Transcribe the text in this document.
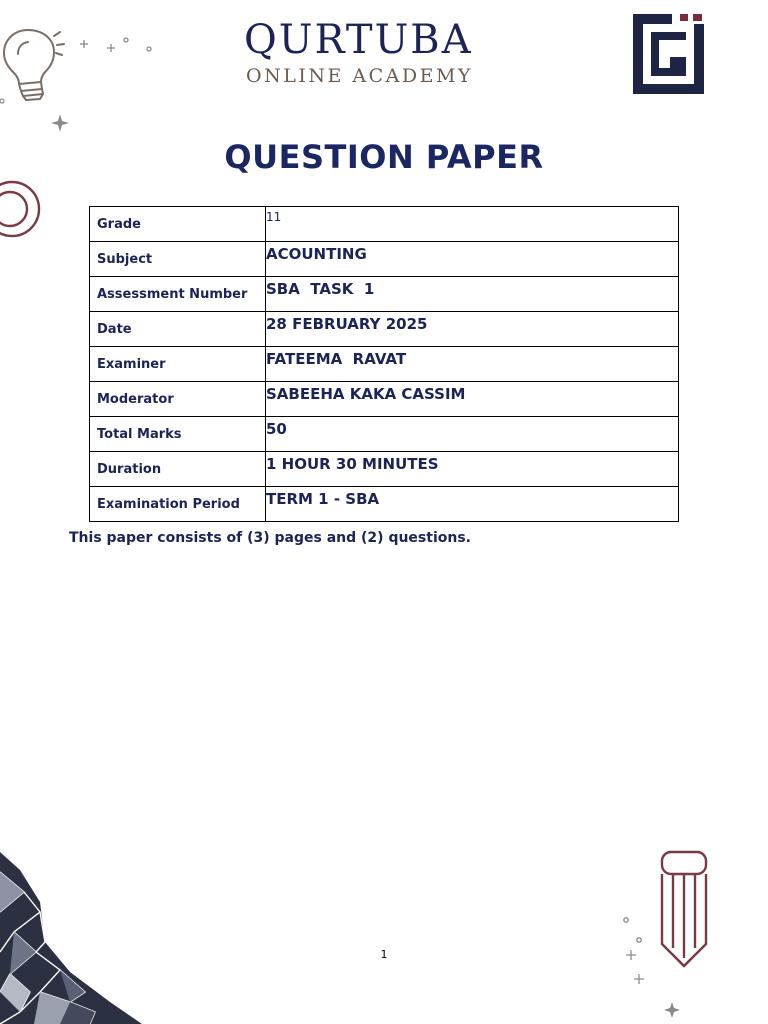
QURTUBA
ONLINE ACADEMY
QUESTION PAPER
Grade	11
Subject	ACOUNTING
Assessment Number	SBA  TASK  1
Date	28 FEBRUARY 2025
Examiner	FATEEMA  RAVAT
Moderator	SABEEHA KAKA CASSIM
Total Marks	50
Duration	1 HOUR 30 MINUTES
Examination Period	TERM 1 - SBA
This paper consists of (3) pages and (2) questions.
1
